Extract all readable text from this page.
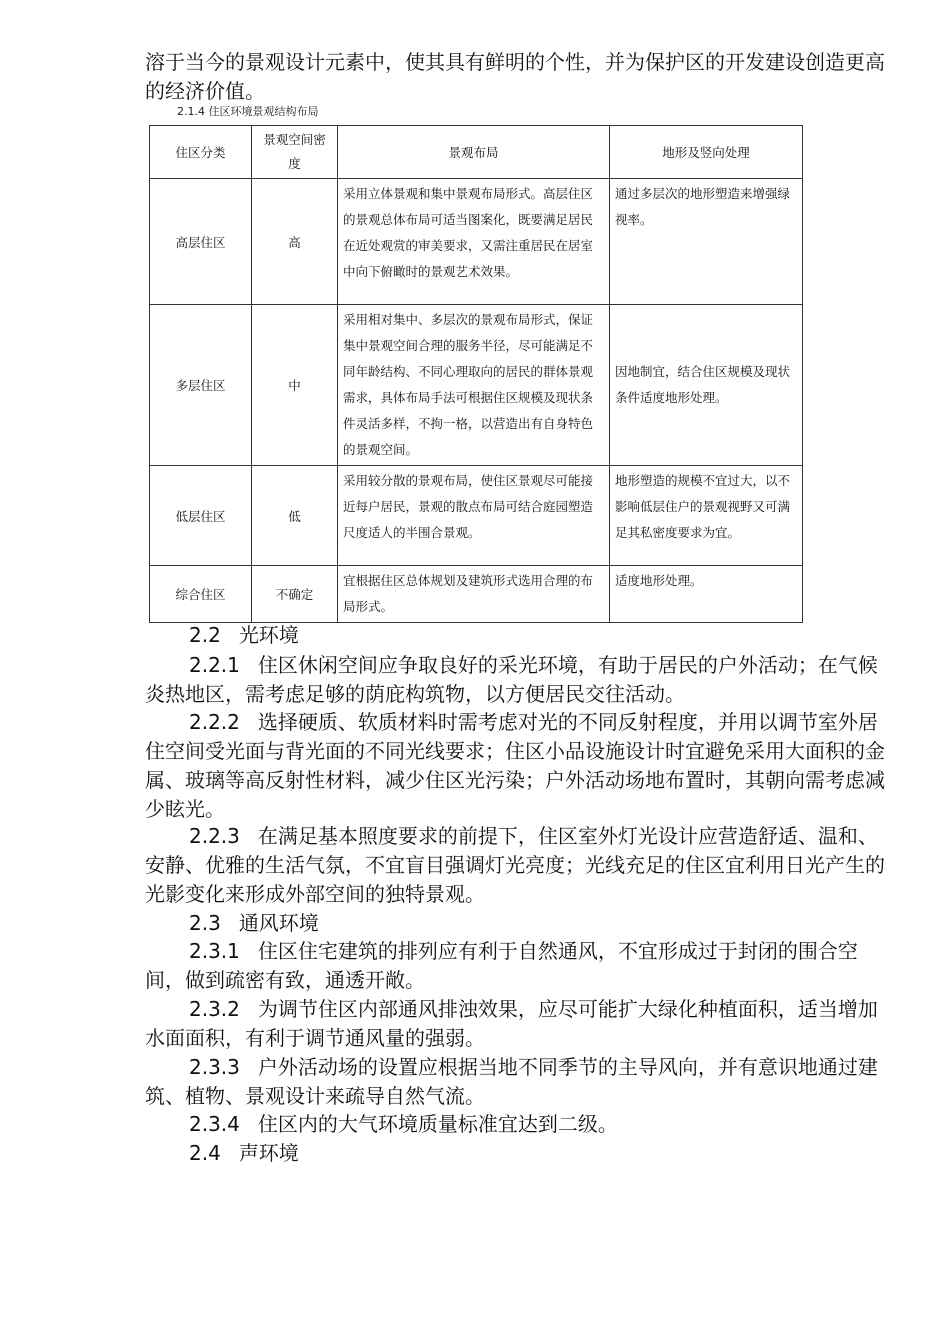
溶于当今的景观设计元素中，使其具有鲜明的个性，并为保护区的开发建设创造更高的经济价值。
2.1.4 住区环境景观结构布局
住区分类	景观空间密　　度	景观布局	地形及竖向处理
高层住区	高	采用立体景观和集中景观布局形式。高层住区的景观总体布局可适当图案化，既要满足居民在近处观赏的审美要求，又需注重居民在居室中向下俯瞰时的景观艺术效果。	通过多层次的地形塑造来增强绿视率。
多层住区	中	采用相对集中、多层次的景观布局形式，保证集中景观空间合理的服务半径，尽可能满足不同年龄结构、不同心理取向的居民的群体景观需求，具体布局手法可根据住区规模及现状条件灵活多样，不拘一格，以营造出有自身特色的景观空间。	因地制宜，结合住区规模及现状条件适度地形处理。
低层住区	低	采用较分散的景观布局，使住区景观尽可能接近每户居民，景观的散点布局可结合庭园塑造尺度适人的半围合景观。	地形塑造的规模不宜过大，以不影响低层住户的景观视野又可满足其私密度要求为宜。
综合住区	不确定	宜根据住区总体规划及建筑形式选用合理的布局形式。	适度地形处理。
2.2 光环境
2.2.1 住区休闲空间应争取良好的采光环境，有助于居民的户外活动；在气候炎热地区，需考虑足够的荫庇构筑物，以方便居民交往活动。
2.2.2 选择硬质、软质材料时需考虑对光的不同反射程度，并用以调节室外居住空间受光面与背光面的不同光线要求；住区小品设施设计时宜避免采用大面积的金属、玻璃等高反射性材料，减少住区光污染；户外活动场地布置时，其朝向需考虑减少眩光。
2.2.3 在满足基本照度要求的前提下，住区室外灯光设计应营造舒适、温和、安静、优雅的生活气氛，不宜盲目强调灯光亮度；光线充足的住区宜利用日光产生的光影变化来形成外部空间的独特景观。
2.3 通风环境
2.3.1 住区住宅建筑的排列应有利于自然通风，不宜形成过于封闭的围合空间，做到疏密有致，通透开敞。
2.3.2 为调节住区内部通风排浊效果，应尽可能扩大绿化种植面积，适当增加水面面积，有利于调节通风量的强弱。
2.3.3 户外活动场的设置应根据当地不同季节的主导风向，并有意识地通过建筑、植物、景观设计来疏导自然气流。
2.3.4 住区内的大气环境质量标准宜达到二级。
2.4 声环境
